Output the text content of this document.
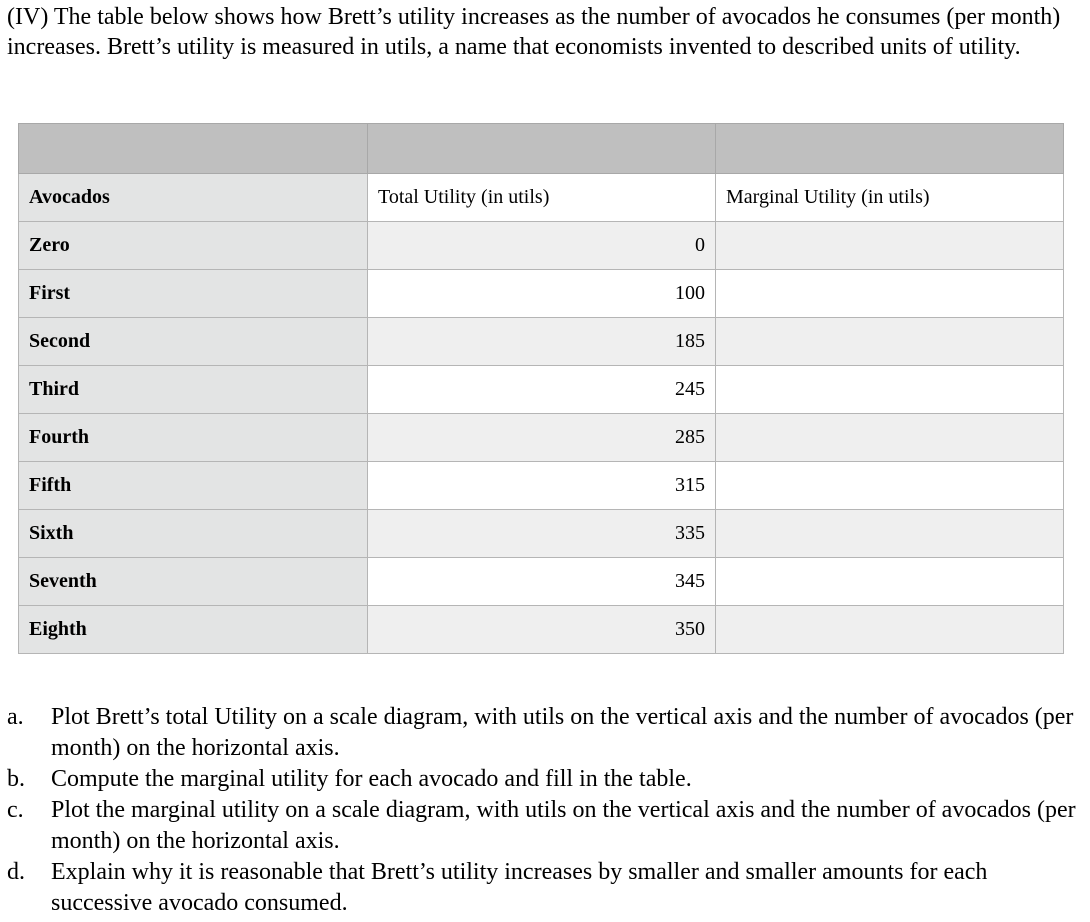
(IV) The table below shows how Brett’s utility increases as the number of avocados he consumes (per month) increases. Brett’s utility is measured in utils, a name that economists invented to described units of utility.

Avocados	Total Utility (in utils)	Marginal Utility (in utils)
Zero	0	
First	100	
Second	185	
Third	245	
Fourth	285	
Fifth	315	
Sixth	335	
Seventh	345	
Eighth	350	
a. Plot Brett’s total Utility on a scale diagram, with utils on the vertical axis and the number of avocados (per month) on the horizontal axis.
b. Compute the marginal utility for each avocado and fill in the table.
c. Plot the marginal utility on a scale diagram, with utils on the vertical axis and the number of avocados (per month) on the horizontal axis.
d. Explain why it is reasonable that Brett’s utility increases by smaller and smaller amounts for each successive avocado consumed.
